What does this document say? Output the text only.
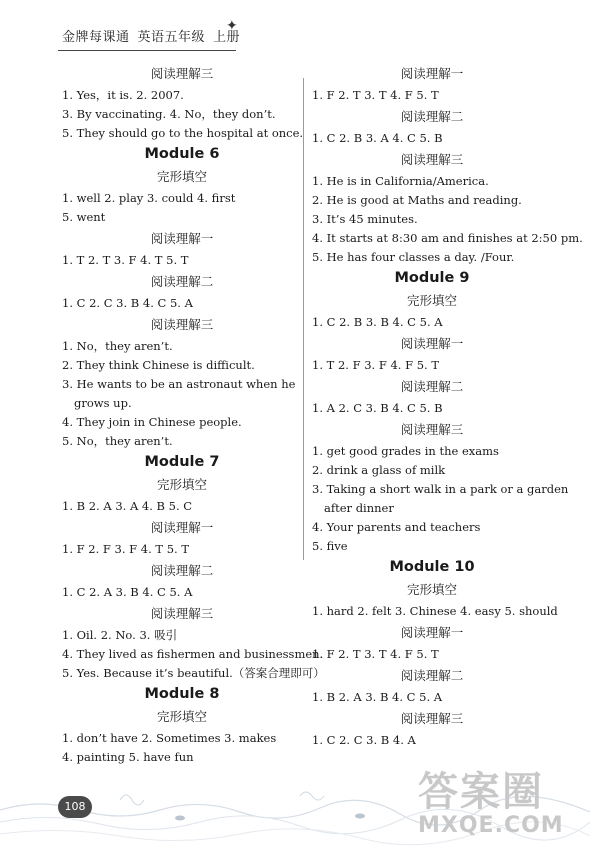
金牌每课通 英语五年级 上册
✦
阅读理解三
1. Yes，it is. 2. 2007.
3. By vaccinating. 4. No，they don’t.
5. They should go to the hospital at once.
Module 6
完形填空
1. well 2. play 3. could 4. first
5. went
阅读理解一
1. T 2. T 3. F 4. T 5. T
阅读理解二
1. C 2. C 3. B 4. C 5. A
阅读理解三
1. No，they aren’t.
2. They think Chinese is difficult.
3. He wants to be an astronaut when he
grows up.
4. They join in Chinese people.
5. No，they aren’t.
Module 7
完形填空
1. B 2. A 3. A 4. B 5. C
阅读理解一
1. F 2. F 3. F 4. T 5. T
阅读理解二
1. C 2. A 3. B 4. C 5. A
阅读理解三
1. Oil. 2. No. 3. 吸引
4. They lived as fishermen and businessmen.
5. Yes. Because it’s beautiful.（答案合理即可）
Module 8
完形填空
1. don’t have 2. Sometimes 3. makes
4. painting 5. have fun
阅读理解一
1. F 2. T 3. T 4. F 5. T
阅读理解二
1. C 2. B 3. A 4. C 5. B
阅读理解三
1. He is in California/America.
2. He is good at Maths and reading.
3. It’s 45 minutes.
4. It starts at 8:30 am and finishes at 2:50 pm.
5. He has four classes a day. /Four.
Module 9
完形填空
1. C 2. B 3. B 4. C 5. A
阅读理解一
1. T 2. F 3. F 4. F 5. T
阅读理解二
1. A 2. C 3. B 4. C 5. B
阅读理解三
1. get good grades in the exams
2. drink a glass of milk
3. Taking a short walk in a park or a garden
after dinner
4. Your parents and teachers
5. five
Module 10
完形填空
1. hard 2. felt 3. Chinese 4. easy 5. should
阅读理解一
1. F 2. T 3. T 4. F 5. T
阅读理解二
1. B 2. A 3. B 4. C 5. A
阅读理解三
1. C 2. C 3. B 4. A
108	答案圈
MXQE.COM
